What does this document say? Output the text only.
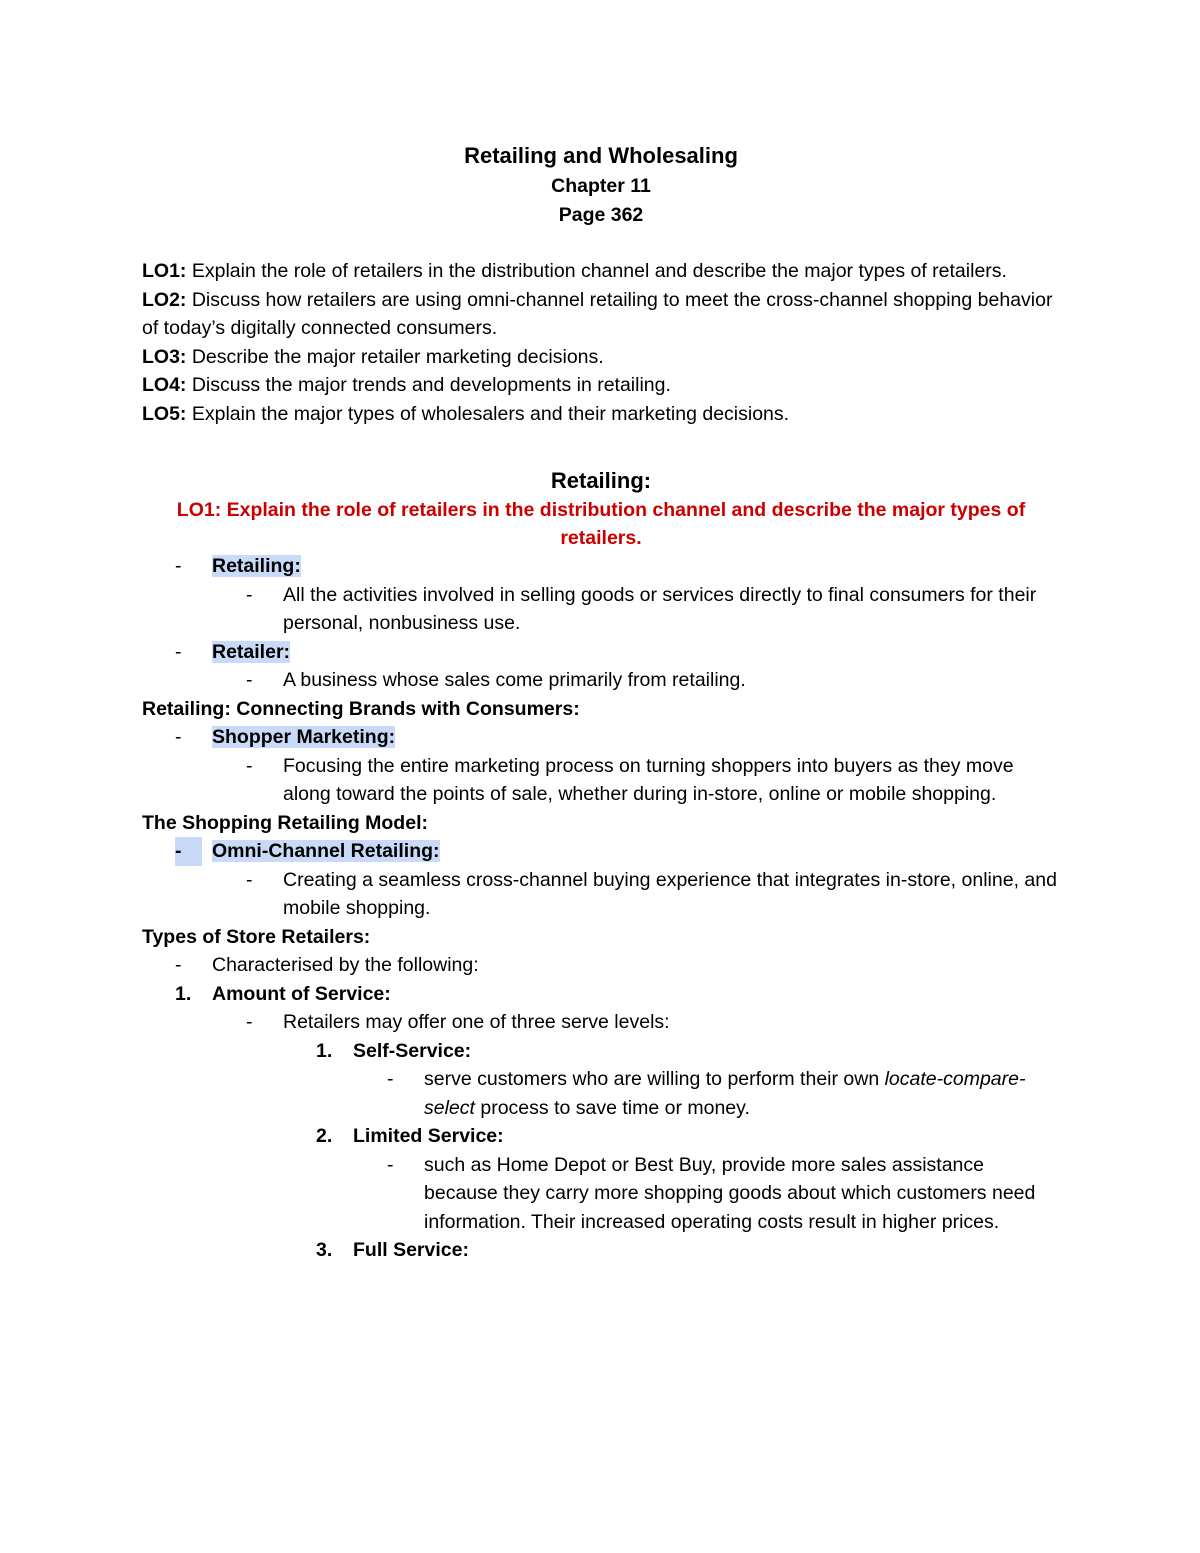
Retailing and Wholesaling
Chapter 11
Page 362
LO1: Explain the role of retailers in the distribution channel and describe the major types of retailers.
LO2: Discuss how retailers are using omni-channel retailing to meet the cross-channel shopping behavior of today’s digitally connected consumers.
LO3: Describe the major retailer marketing decisions.
LO4: Discuss the major trends and developments in retailing.
LO5: Explain the major types of wholesalers and their marketing decisions.
Retailing:
LO1: Explain the role of retailers in the distribution channel and describe the major types of retailers.
- Retailing:
- All the activities involved in selling goods or services directly to final consumers for their personal, nonbusiness use.
- Retailer:
- A business whose sales come primarily from retailing.
Retailing: Connecting Brands with Consumers:
- Shopper Marketing:
- Focusing the entire marketing process on turning shoppers into buyers as they move along toward the points of sale, whether during in-store, online or mobile shopping.
The Shopping Retailing Model:
-	Omni-Channel Retailing:
- Creating a seamless cross-channel buying experience that integrates in-store, online, and mobile shopping.
Types of Store Retailers:
- Characterised by the following:
1. Amount of Service:
- Retailers may offer one of three serve levels:
1. Self-Service:
- serve customers who are willing to perform their own locate-compare-select process to save time or money.
2. Limited Service:
- such as Home Depot or Best Buy, provide more sales assistance because they carry more shopping goods about which customers need information. Their increased operating costs result in higher prices.
3. Full Service:
